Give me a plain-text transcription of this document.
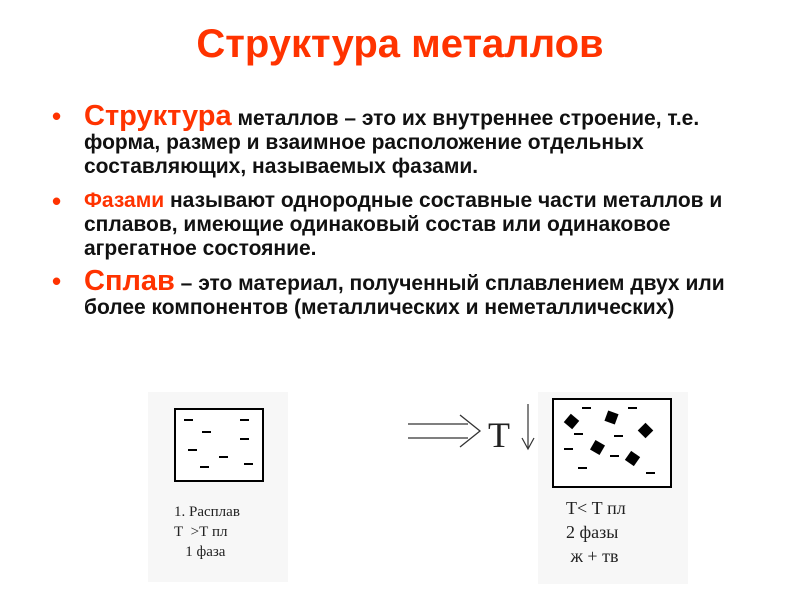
Структура металлов
• Структура металлов – это их внутреннее строение, т.е. форма, размер и взаимное расположение отдельных составляющих, называемых фазами.
• Фазами называют однородные составные части металлов и сплавов, имеющие одинаковый состав или одинаковое агрегатное состояние.
• Сплав – это материал, полученный сплавлением двух или более компонентов (металлических и неметаллических)
1. Расплав
Т  >Т пл
1 фаза
T
Т< Т пл
2 фазы
ж + тв
